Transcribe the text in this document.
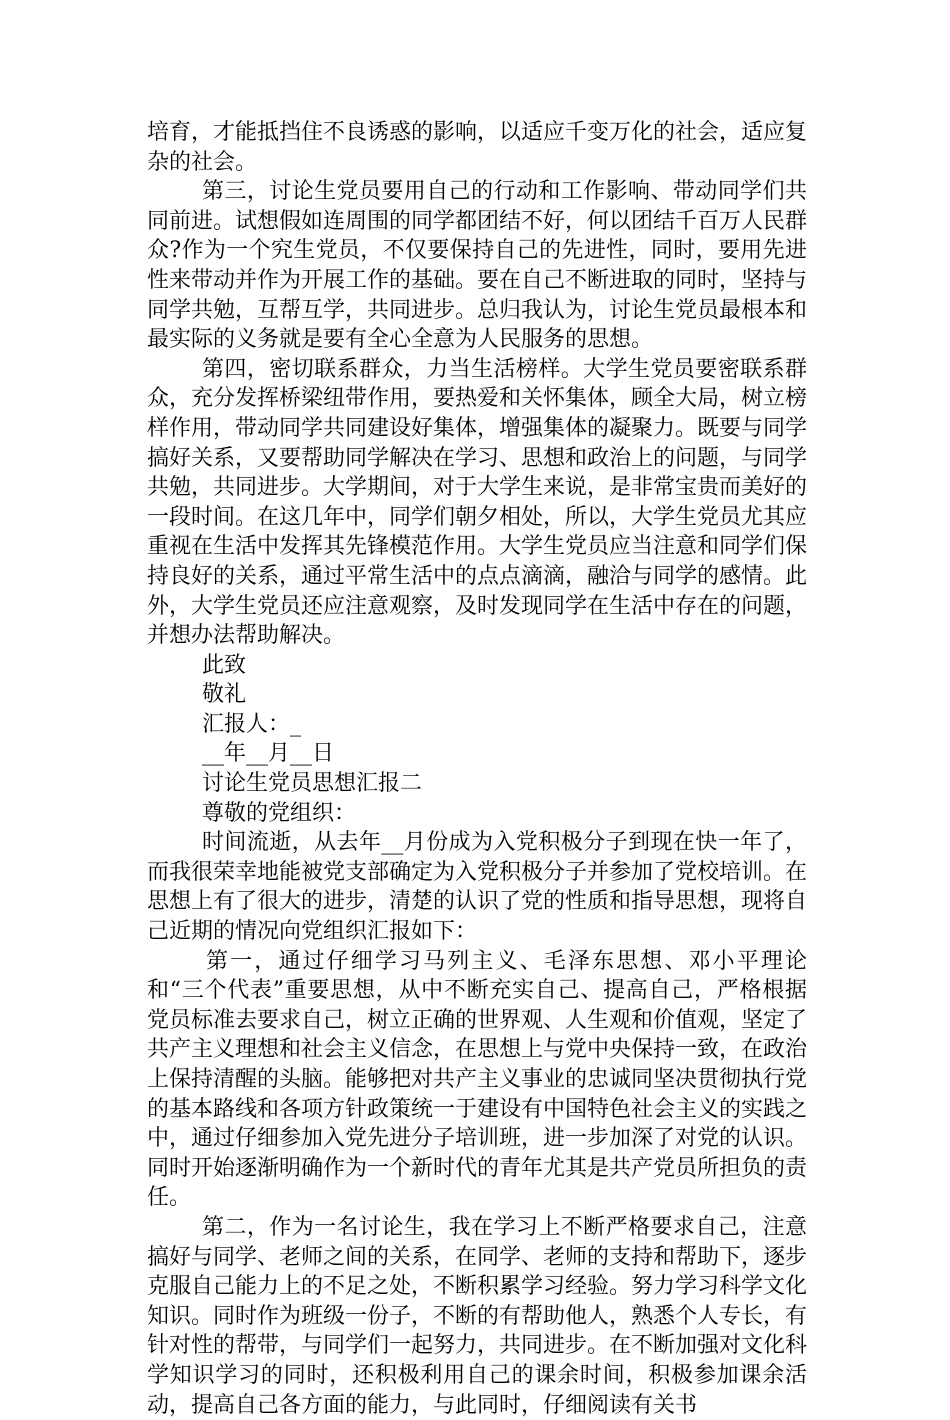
培育，才能抵挡住不良诱惑的影响，以适应千变万化的社会，适应复杂的社会。

第三，讨论生党员要用自己的行动和工作影响、带动同学们共同前进。试想假如连周围的同学都团结不好，何以团结千百万人民群众?作为一个究生党员，不仅要保持自己的先进性，同时，要用先进性来带动并作为开展工作的基础。要在自己不断进取的同时，坚持与同学共勉，互帮互学，共同进步。总归我认为，讨论生党员最根本和最实际的义务就是要有全心全意为人民服务的思想。

第四，密切联系群众，力当生活榜样。大学生党员要密联系群众，充分发挥桥梁纽带作用，要热爱和关怀集体，顾全大局，树立榜样作用，带动同学共同建设好集体，增强集体的凝聚力。既要与同学搞好关系，又要帮助同学解决在学习、思想和政治上的问题，与同学共勉，共同进步。大学期间，对于大学生来说，是非常宝贵而美好的一段时间。在这几年中，同学们朝夕相处，所以，大学生党员尤其应重视在生活中发挥其先锋模范作用。大学生党员应当注意和同学们保持良好的关系，通过平常生活中的点点滴滴，融洽与同学的感情。此外，大学生党员还应注意观察，及时发现同学在生活中存在的问题，并想办法帮助解决。

此致

敬礼

汇报人：_

__年__月__日

讨论生党员思想汇报二

尊敬的党组织：

时间流逝，从去年__月份成为入党积极分子到现在快一年了，而我很荣幸地能被党支部确定为入党积极分子并参加了党校培训。在思想上有了很大的进步，清楚的认识了党的性质和指导思想，现将自己近期的情况向党组织汇报如下：

第一，通过仔细学习马列主义、毛泽东思想、邓小平理论和“三个代表”重要思想，从中不断充实自己、提高自己，严格根据党员标准去要求自己，树立正确的世界观、人生观和价值观，坚定了共产主义理想和社会主义信念，在思想上与党中央保持一致，在政治上保持清醒的头脑。能够把对共产主义事业的忠诚同坚决贯彻执行党的基本路线和各项方针政策统一于建设有中国特色社会主义的实践之中，通过仔细参加入党先进分子培训班，进一步加深了对党的认识。同时开始逐渐明确作为一个新时代的青年尤其是共产党员所担负的责任。

第二，作为一名讨论生，我在学习上不断严格要求自己，注意搞好与同学、老师之间的关系，在同学、老师的支持和帮助下，逐步克服自己能力上的不足之处，不断积累学习经验。努力学习科学文化知识。同时作为班级一份子，不断的有帮助他人，熟悉个人专长，有针对性的帮带，与同学们一起努力，共同进步。在不断加强对文化科学知识学习的同时，还积极利用自己的课余时间，积极参加课余活动，提高自己各方面的能力，与此同时，仔细阅读有关书
